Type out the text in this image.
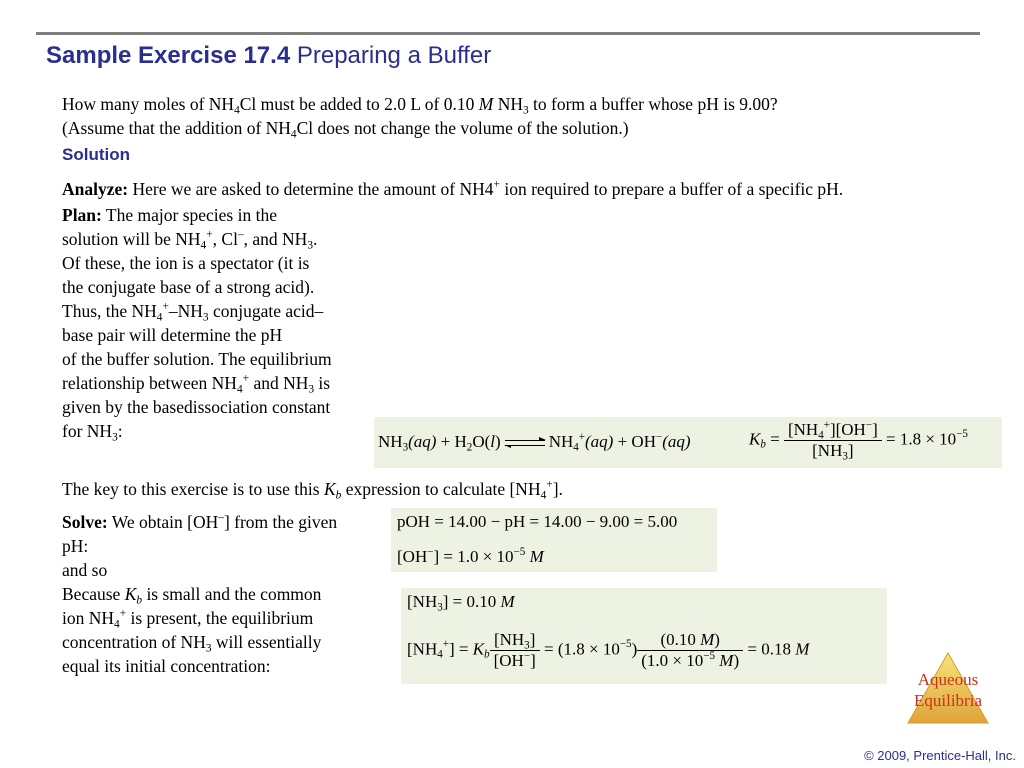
Sample Exercise 17.4 Preparing a Buffer
How many moles of $NH_4Cl$ must be added to 2.0 L of 0.10 M $NH_3$ to form a buffer whose pH is 9.00?
(Assume that the addition of $NH_4Cl$ does not change the volume of the solution.)
Solution
Analyze: Here we are asked to determine the amount of NH4+ ion required to prepare a buffer of a specific pH.
Plan: The major species in the
solution will be $NH_4^+$, Cl–, and $NH_3$.
Of these, the ion is a spectator (it is
the conjugate base of a strong acid).
Thus, the $NH_4^+-NH_3$ conjugate acid–
base pair will determine the pH
of the buffer solution. The equilibrium
relationship between $NH_4^+$ and $NH_3$ is
given by the basedissociation constant
for $NH_3$:
$NH_3(aq) + H_2O(l)$	$NH_4^+(aq) + OH^-(aq)$	$K_b = \frac{[NH_4^+][OH^-]}{[NH_3]} = 1.8 \times 10^{-5}$
The key to this exercise is to use this $K_b$ expression to calculate $[NH_4^+]$.
Solve: We obtain [OH–] from the given
pH:
and so
Because $K_b$ is small and the common
ion $NH_4^+$ is present, the equilibrium
concentration of $NH_3$ will essentially
equal its initial concentration:
pOH = 14.00 − pH = 14.00 − 9.00 = 5.00
$[OH^-] = 1.0 \times 10^{-5}$ M
$[NH_3] = 0.10$ M
$[NH_4^+] = K_b \frac{[NH_3]}{[OH^-]} = (1.8 \times 10^{-5}) \frac{(0.10 M)}{(1.0 \times 10^{-5} M)} = 0.18$ M
Aqueous
Equilibria
© 2009, Prentice-Hall, Inc.
